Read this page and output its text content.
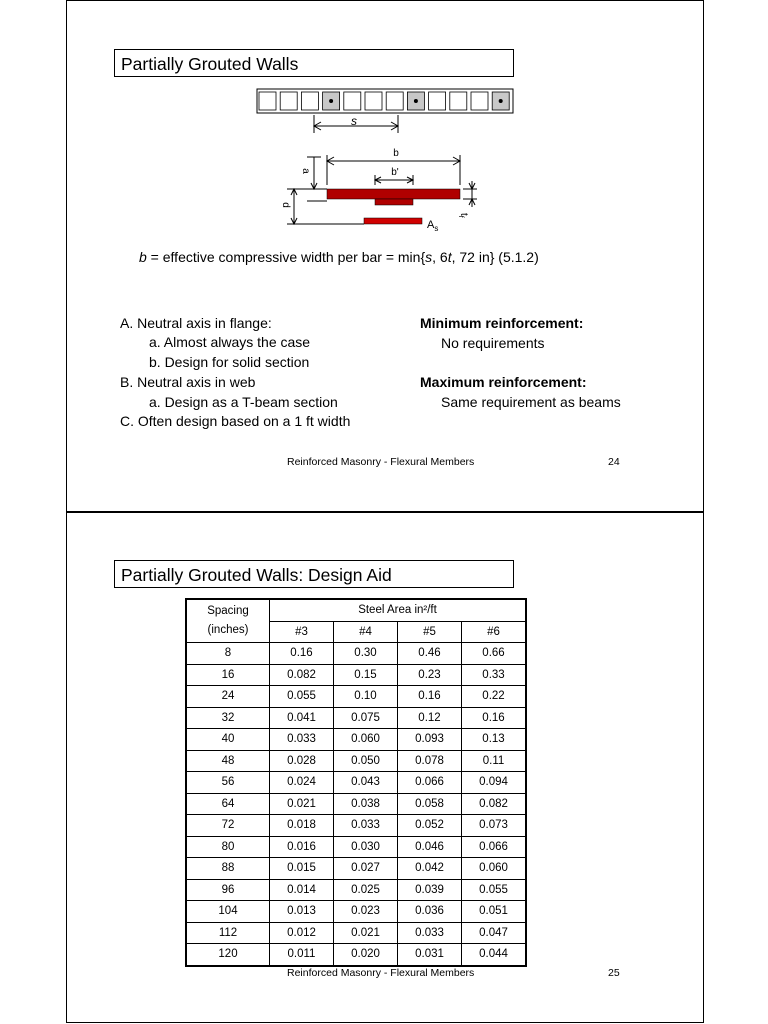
Partially Grouted Walls
s
b
b'
$A_s$
a
d
$t_f$
b = effective compressive width per bar = min{s, 6t, 72 in} (5.1.2)
A. Neutral axis in flange:
a. Almost always the case
b. Design for solid section
B. Neutral axis in web
a. Design as a T-beam section
C. Often design based on a 1 ft width
Minimum reinforcement:
No requirements
Maximum reinforcement:
Same requirement as beams
Reinforced Masonry - Flexural Members	24
Partially Grouted Walls: Design Aid
Spacing
(inches)	Steel Area in²/ft			
	#3	#4	#5	#6
8	0.16	0.30	0.46	0.66
16	0.082	0.15	0.23	0.33
24	0.055	0.10	0.16	0.22
32	0.041	0.075	0.12	0.16
40	0.033	0.060	0.093	0.13
48	0.028	0.050	0.078	0.11
56	0.024	0.043	0.066	0.094
64	0.021	0.038	0.058	0.082
72	0.018	0.033	0.052	0.073
80	0.016	0.030	0.046	0.066
88	0.015	0.027	0.042	0.060
96	0.014	0.025	0.039	0.055
104	0.013	0.023	0.036	0.051
112	0.012	0.021	0.033	0.047
120	0.011	0.020	0.031	0.044
Reinforced Masonry - Flexural Members	25
